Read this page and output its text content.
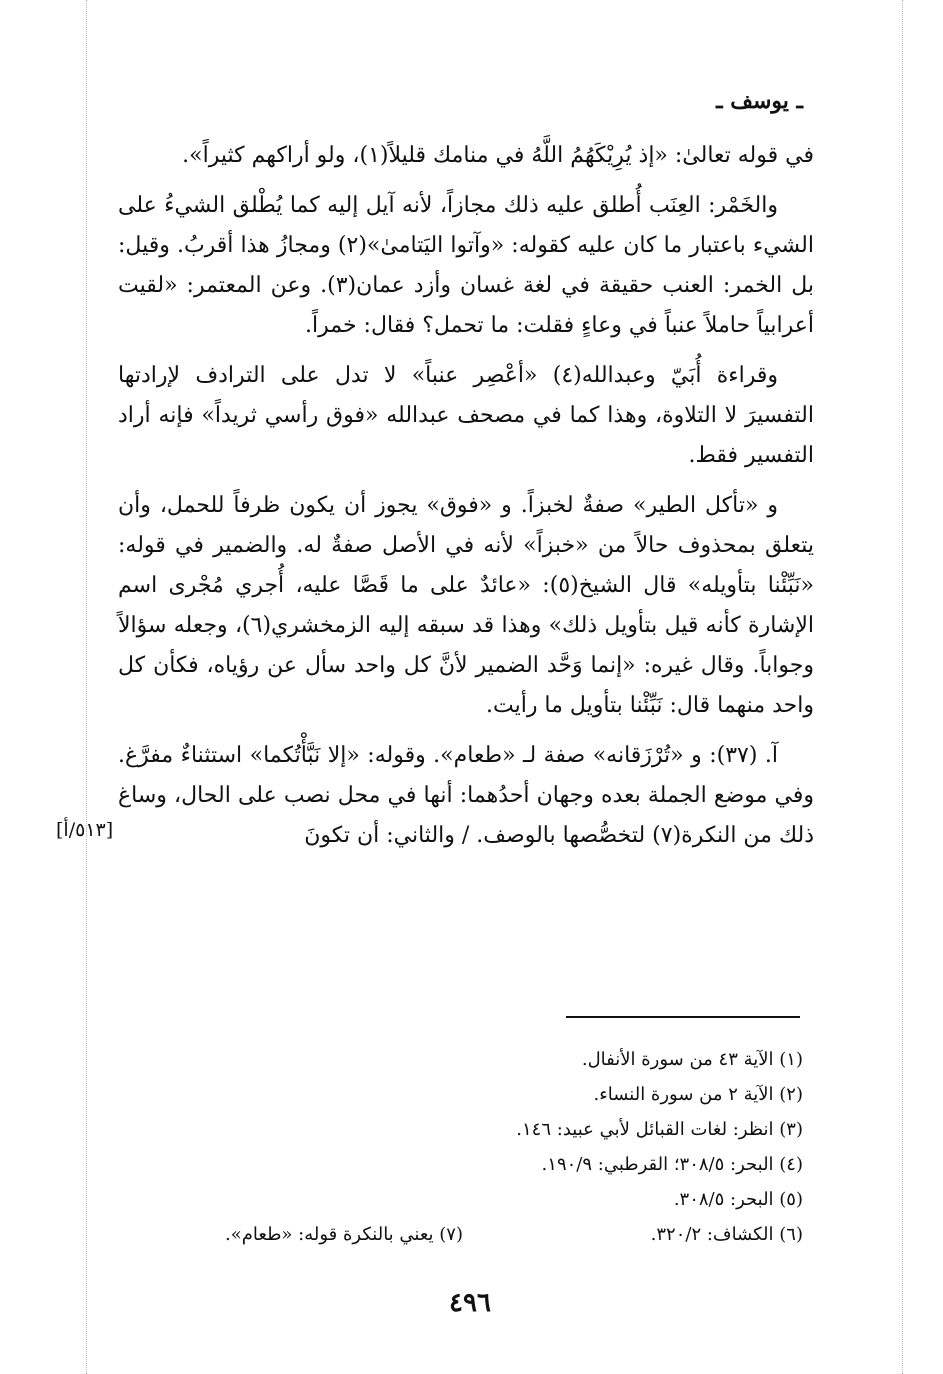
ـ يوسف ـ

في قوله تعالىٰ: «إذ يُرِيْكَهُمُ اللَّهُ في منامك قليلاً(١)، ولو أراكهم كثيراً».

والخَمْر: العِنَب أُطلق عليه ذلك مجازاً، لأنه آيل إليه كما يُطْلق الشيءُ على الشيء باعتبار ما كان عليه كقوله: «وآتوا اليَتامىٰ»(٢) ومجازُ هذا أقربُ. وقيل: بل الخمر: العنب حقيقة في لغة غسان وأزد عمان(٣). وعن المعتمر: «لقيت أعرابياً حاملاً عنباً في وعاءٍ فقلت: ما تحمل؟ فقال: خمراً.

وقراءة أُبَيّ وعبدالله(٤) «أعْصِر عنباً» لا تدل على الترادف لإرادتها التفسيرَ لا التلاوة، وهذا كما في مصحف عبدالله «فوق رأسي ثريداً» فإنه أراد التفسير فقط.

و «تأكل الطير» صفةٌ لخبزاً. و «فوق» يجوز أن يكون ظرفاً للحمل، وأن يتعلق بمحذوف حالاً من «خبزاً» لأنه في الأصل صفةٌ له. والضمير في قوله: «نَبِّئْنا بتأويله» قال الشيخ(٥): «عائدٌ على ما قَصَّا عليه، أُجري مُجْرى اسم الإشارة كأنه قيل بتأويل ذلك» وهذا قد سبقه إليه الزمخشري(٦)، وجعله سؤالاً وجواباً. وقال غيره: «إنما وَحَّد الضمير لأنَّ كل واحد سأل عن رؤياه، فكأن كل واحد منهما قال: نَبِّئْنا بتأويل ما رأيت.

آ. (٣٧): و «تُرْزَقانه» صفة لـ «طعام». وقوله: «إلا نَبَّأْتُكما» استثناءٌ مفرَّغ. وفي موضع الجملة بعده وجهان أحدُهما: أنها في محل نصب على الحال، وساغ ذلك من النكرة(٧) لتخصُّصها بالوصف. / والثاني: أن تكونَ
[٥١٣/أ]

(١) الآية ٤٣ من سورة الأنفال.
(٢) الآية ٢ من سورة النساء.
(٣) انظر: لغات القبائل لأبي عبيد: ١٤٦.
(٤) البحر: ٣٠٨/٥؛ القرطبي: ١٩٠/٩.
(٥) البحر: ٣٠٨/٥.
(٦) الكشاف: ٣٢٠/٢.
(٧) يعني بالنكرة قوله: «طعام».
٤٩٦
